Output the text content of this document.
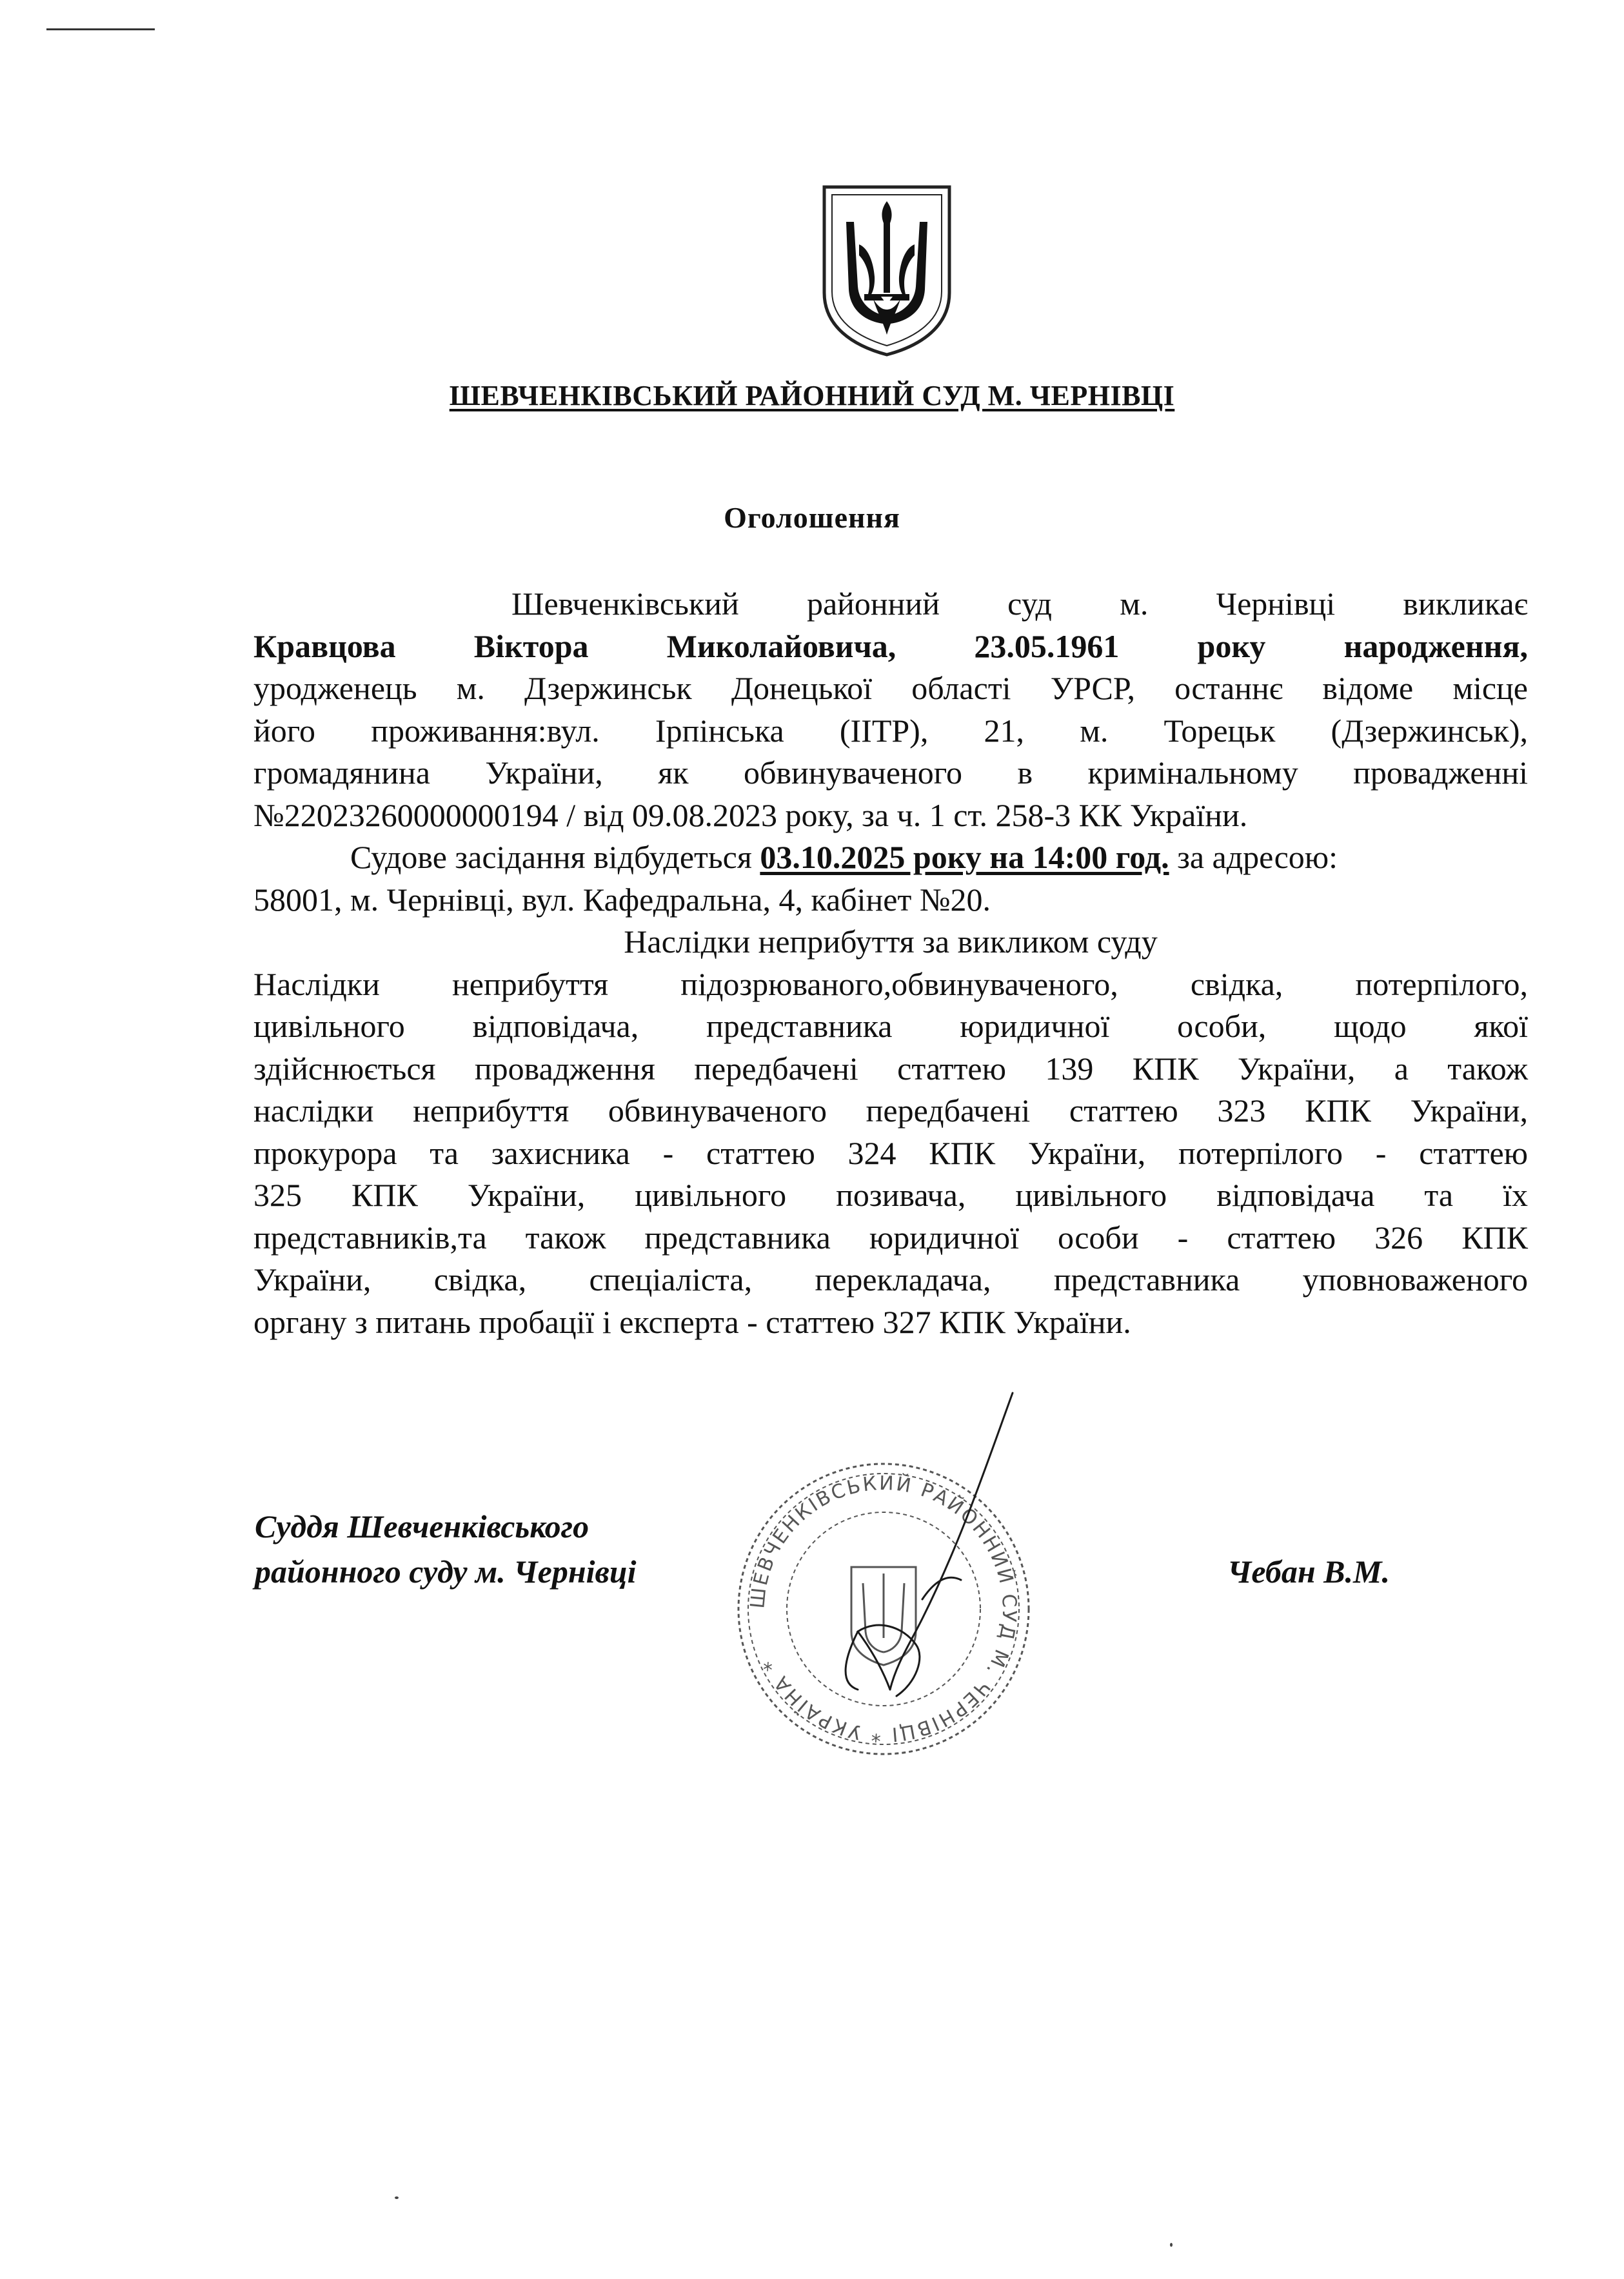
ШЕВЧЕНКІВСЬКИЙ РАЙОННИЙ СУД М. ЧЕРНІВЦІ
Оголошення
Шевченківський районний суд м. Чернівці викликає
Кравцова Віктора Миколайовича, 23.05.1961 року народження,
уродженець м. Дзержинськ Донецької області УРСР, останнє відоме місце
його проживання:вул. Ірпінська (ІІТР), 21, м. Торецьк (Дзержинськ),
громадянина України, як обвинуваченого в кримінальному провадженні
№22023260000000194 / від 09.08.2023 року, за ч. 1 ст. 258-3 КК України.
Судове засідання відбудеться 03.10.2025 року на 14:00 год. за адресою:
58001, м. Чернівці, вул. Кафедральна, 4, кабінет №20.
Наслідки неприбуття за викликом суду
Наслідки неприбуття підозрюваного,обвинуваченого, свідка, потерпілого,
цивільного відповідача, представника юридичної особи, щодо якої
здійснюється провадження передбачені статтею 139 КПК України, а також
наслідки неприбуття обвинуваченого передбачені статтею 323 КПК України,
прокурора та захисника - статтею 324 КПК України, потерпілого - статтею
325 КПК України, цивільного позивача, цивільного відповідача та їх
представників,та також представника юридичної особи - статтею 326 КПК
України, свідка, спеціаліста, перекладача, представника уповноваженого
органу з питань пробації і експерта - статтею 327 КПК України.
ШЕВЧЕНКІВСЬКИЙ РАЙОННИЙ СУД М. ЧЕРНІВЦІ * УКРАЇНА *
Суддя Шевченківського
районного суду м. Чернівці	Чебан В.М.
